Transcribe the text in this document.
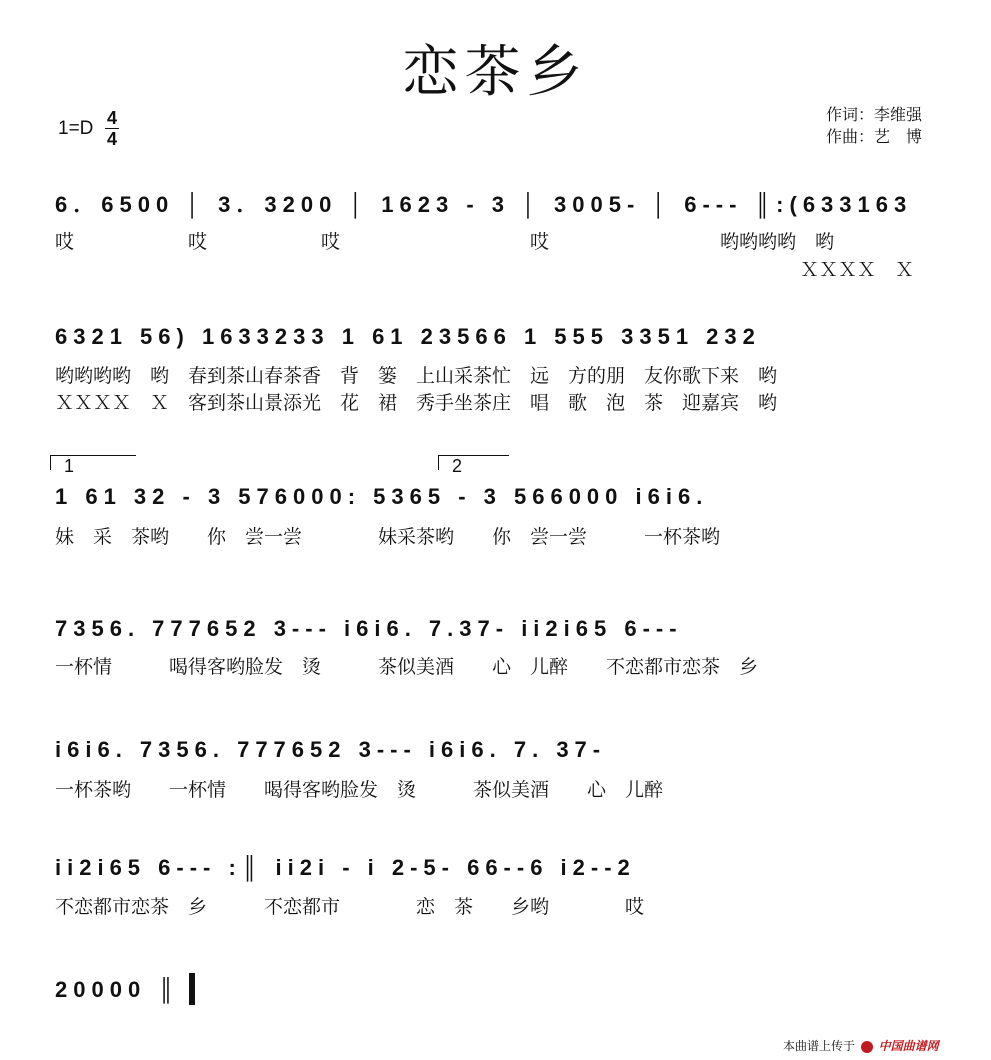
恋茶乡
1=D 4
4
作词：李维强
作曲：艺　博
6．6500 │ 3．3200 │ 1623 - 3 │ 3005- │ 6--- ║:(633163
哎　　　　　　哎　　　　　　哎　　　　　　　　　　哎　　　　　　　　　哟哟哟哟　哟
ＸＸＸＸ　Ｘ
6321 56) 1633233 1 61 23566 1 555 3351 232
哟哟哟哟　哟　春到茶山春茶香　背　篓　上山采茶忙　远　方的朋　友你歌下来　哟
ＸＸＸＸ　Ｘ　客到茶山景添光　花　裙　秀手坐茶庄　唱　歌　泡　茶　迎嘉宾　哟
1	2
1 61 32 - 3 576000: 5365 - 3 566000 i6i6.
妹　采　茶哟　　你　尝一尝　　　　妹采茶哟　　你　尝一尝　　　一杯茶哟
7356. 777652 3--- i6i6. 7.37- ii2i65 6---
一杯情　　　喝得客哟脸发　烫　　　茶似美酒　　心　儿醉　　不恋都市恋茶　乡
i6i6. 7356. 777652 3--- i6i6. 7. 37-
一杯茶哟　　一杯情　　喝得客哟脸发　烫　　　茶似美酒　　心　儿醉
ii2i65 6--- :║ ii2i - i 2-5- 66--6 i2--2
不恋都市恋茶　乡　　　不恋都市　　　　恋　茶　　乡哟　　　　哎
20000 ║
本曲谱上传于 中国曲谱网
